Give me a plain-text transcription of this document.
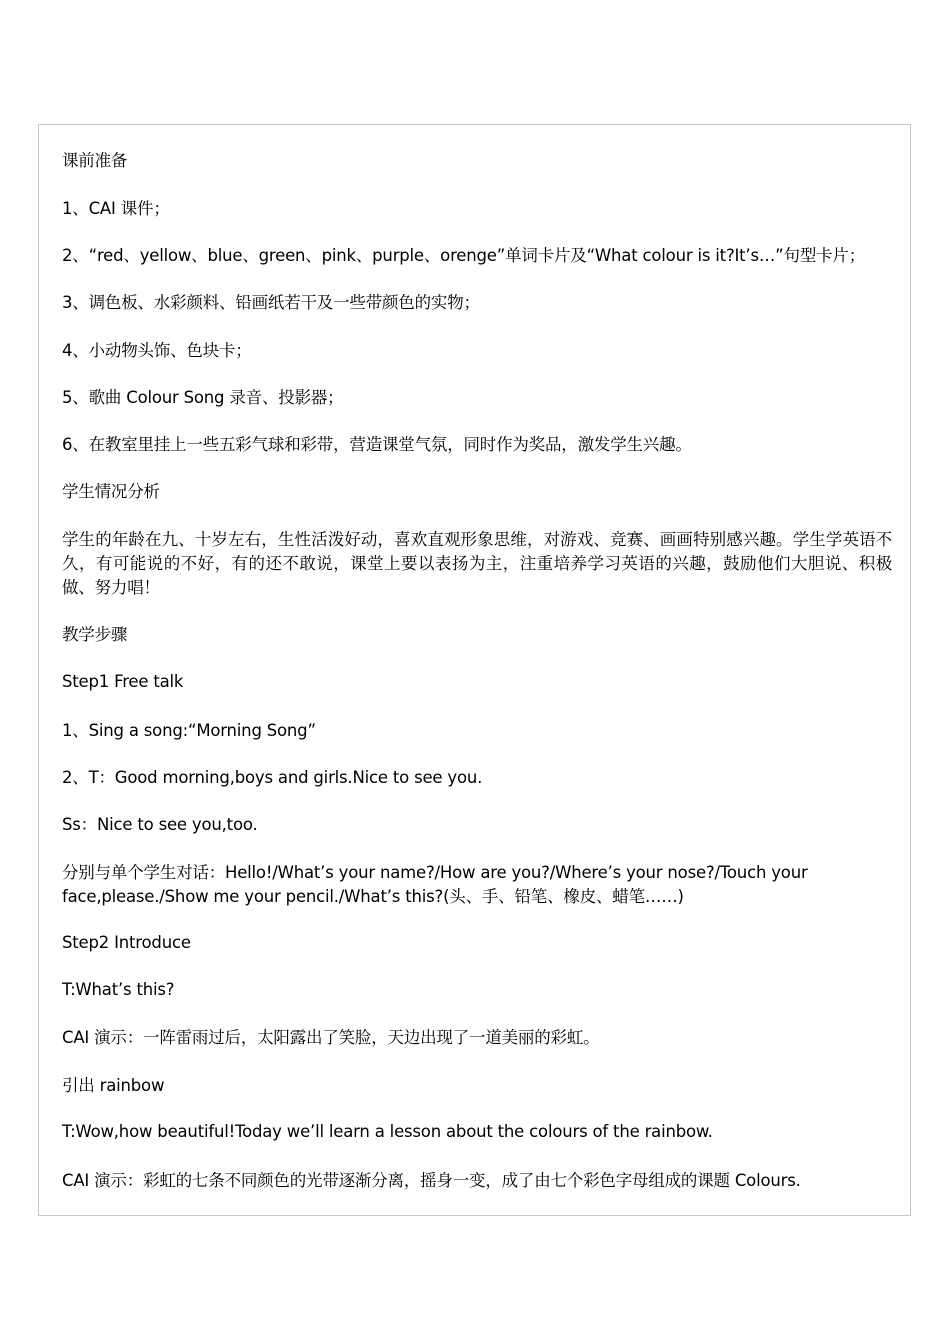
课前准备
1、CAI 课件；
2、“red、yellow、blue、green、pink、purple、orenge”单词卡片及“What colour is it?It’s…”句型卡片；
3、调色板、水彩颜料、铅画纸若干及一些带颜色的实物；
4、小动物头饰、色块卡；
5、歌曲 Colour Song 录音、投影器；
6、在教室里挂上一些五彩气球和彩带，营造课堂气氛，同时作为奖品，激发学生兴趣。
学生情况分析
学生的年龄在九、十岁左右，生性活泼好动，喜欢直观形象思维，对游戏、竞赛、画画特别感兴趣。学生学英语不久，有可能说的不好，有的还不敢说，课堂上要以表扬为主，注重培养学习英语的兴趣，鼓励他们大胆说、积极做、努力唱！
教学步骤
Step1 Free talk
1、Sing a song:“Morning Song”
2、T：Good morning,boys and girls.Nice to see you.
Ss：Nice to see you,too.
分别与单个学生对话：Hello!/What’s your name?/How are you?/Where’s your nose?/Touch your face,please./Show me your pencil./What’s this?(头、手、铅笔、橡皮、蜡笔……)
Step2 Introduce
T:What’s this?
CAI 演示：一阵雷雨过后，太阳露出了笑脸，天边出现了一道美丽的彩虹。
引出 rainbow
T:Wow,how beautiful!Today we’ll learn a lesson about the colours of the rainbow.
CAI 演示：彩虹的七条不同颜色的光带逐渐分离，摇身一变，成了由七个彩色字母组成的课题 Colours.
